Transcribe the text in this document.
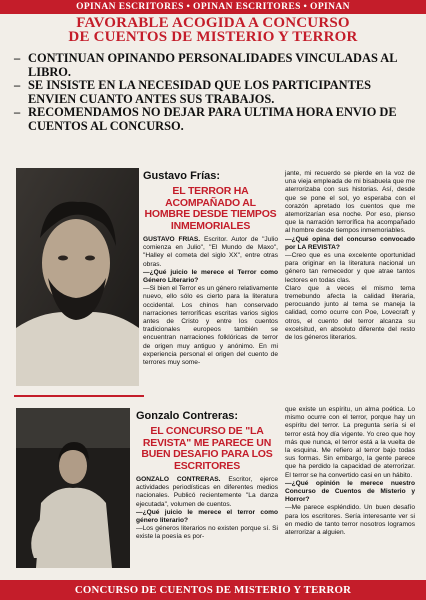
OPINAN ESCRITORES • OPINAN ESCRITORES • OPINAN
FAVORABLE ACOGIDA A CONCURSO
DE CUENTOS DE MISTERIO Y TERROR

– CONTINUAN OPINANDO PERSONALIDADES VINCULADAS AL LIBRO.

– SE INSISTE EN LA NECESIDAD QUE LOS PARTICIPANTES ENVIEN CUANTO ANTES SUS TRABAJOS.

– RECOMENDAMOS NO DEJAR PARA ULTIMA HORA ENVIO DE CUENTOS AL CONCURSO.

Gustavo Frías:
EL TERROR HA ACOMPAÑADO AL HOMBRE DESDE TIEMPOS INMEMORIALES

GUSTAVO FRIAS. Escritor. Autor de "Julio comienza en Julio", "El Mundo de Maxo", "Halley el cometa del siglo XX", entre otras obras.

—¿Qué juicio le merece el Terror como Género Literario?

—Si bien el Terror es un género relativamente nuevo, ello sólo es cierto para la literatura occidental. Los chinos han conservado narraciones terroríficas escritas varios siglos antes de Cristo y entre los cuentos tradicionales europeos también se encuentran narraciones folklóricas de terror de origen muy antiguo y anónimo. En mi experiencia personal el origen del cuento de terrores muy some-

jante, mi recuerdo se pierde en la voz de una vieja empleada de mi bisabuela que me aterrorizaba con sus historias. Así, desde que se pone el sol, yo esperaba con el corazón apretado los cuentos que me atemorizarían esa noche. Por eso, pienso que la narración terrorífica ha acompañado al hombre desde tiempos inmemoriables.

—¿Qué opina del concurso convocado por LA REVISTA?

—Creo que es una excelente oportunidad para originar en la literatura nacional un género tan remecedor y que atrae tantos lectores en todas clas.

Claro que a veces el mismo tema tremebundo afecta la calidad literaria, perocuando junto al tema se maneja la calidad, como ocurre con Poe, Lovecraft y otros, el cuento del terror alcanza su excelsitud, en absoluto diferente del resto de los géneros literarios.

Gonzalo Contreras:
EL CONCURSO DE "LA REVISTA" ME PARECE UN BUEN DESAFIO PARA LOS ESCRITORES

GONZALO CONTRERAS. Escritor, ejerce actividades periodísticas en diferentes medios nacionales. Publicó recientemente "La danza ejecutada", volumen de cuentos.

—¿Qué juicio le merece el terror como género literario?

—Los géneros literarios no existen porque sí. Si existe la poesía es por-

que existe un espíritu, un alma poética. Lo mismo ocurre con el terror, porque hay un espíritu del terror. La pregunta sería si el terror está hoy día vigente. Yo creo que hoy más que nunca, el terror está a la vuelta de la esquina. Me refiero al terror bajo todas sus formas. Sin embargo, la gente parece que ha perdido la capacidad de aterrorizar. El terror se ha convertido casi en un hábito.

—¿Qué opinión le merece nuestro Concurso de Cuentos de Misterio y Horror?

—Me parece espléndido. Un buen desafío para los escritores. Sería interesante ver si en medio de tanto terror nosotros logramos aterrorizar a alguien.

CONCURSO DE CUENTOS DE MISTERIO Y TERROR
